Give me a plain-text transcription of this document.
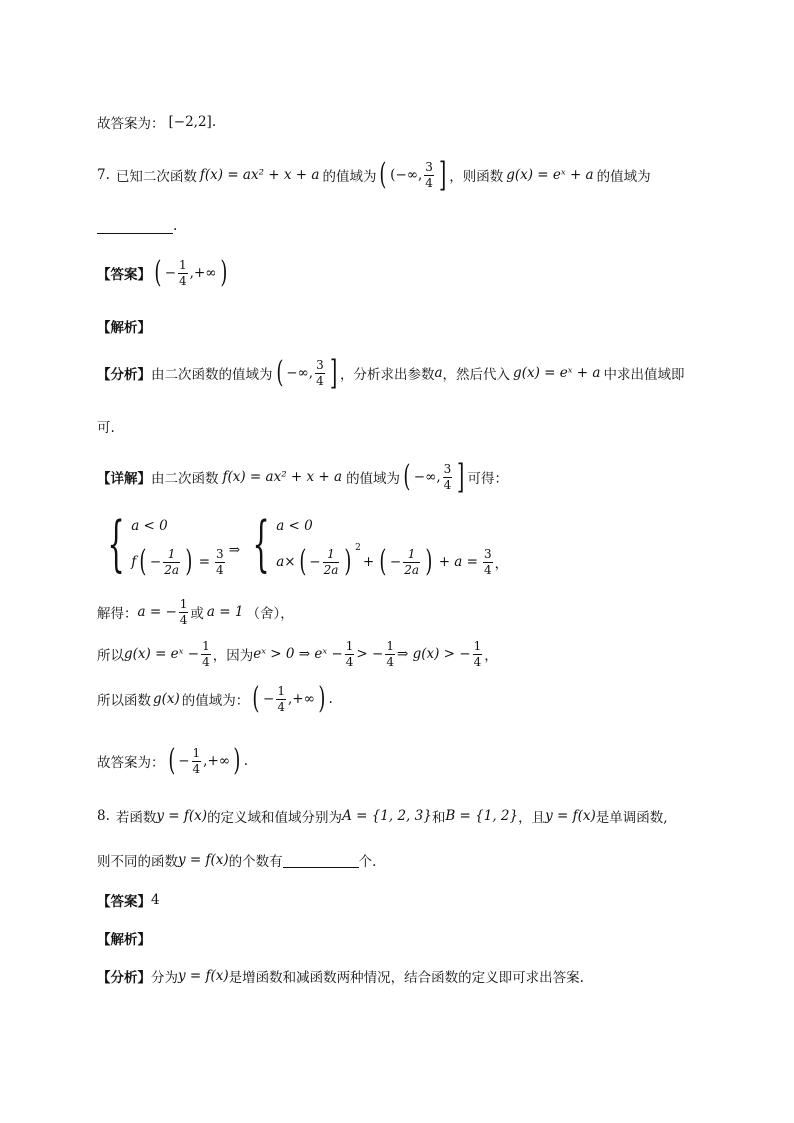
故答案为： [−2,2] .
7. 已知二次函数 f(x) = ax² + x + a 的值域为 ( (−∞, $\frac{3}{4}$ ] ，则函数 g(x) = eˣ + a 的值域为
.
【答案】 ( − $\frac{1}{4}$ ,+∞ )
【解析】
【分析】 由二次函数的值域为 ( −∞, $\frac{3}{4}$ ] ，分析求出参数 a ，然后代入 g(x) = eˣ + a 中求出值域即
可.
【详解】 由二次函数 f(x) = ax² + x + a 的值域为 ( −∞, $\frac{3}{4}$ ] 可得：
{ a < 0
f ( − $\frac{1}{2a}$ ) = $\frac{3}{4}$ ⇒ { a < 0
a× ( − $\frac{1}{2a}$ ) 2
+ ( − $\frac{1}{2a}$ ) + $a = \frac{3}{4}$ ，
解得： a = − $\frac{1}{4}$ 或 a = 1 （舍），
所以 g(x) = eˣ − $\frac{1}{4}$ ，因为 eˣ > 0 ⇒ eˣ − $\frac{1}{4}$ > − $\frac{1}{4}$ ⇒ g(x) > − $\frac{1}{4}$ ，
所以函数 g(x) 的值域为： ( − $\frac{1}{4}$ ,+∞ ) .
故答案为： ( − $\frac{1}{4}$ ,+∞ ) .
8. 若函数 y = f(x) 的定义域和值域分别为 A = {1, 2, 3} 和 B = {1, 2} ，且 y = f(x) 是单调函数,
则不同的函数 y = f(x) 的个数有	个.
【答案】 4
【解析】
【分析】 分为 y = f(x) 是增函数和减函数两种情况，结合函数的定义即可求出答案.
